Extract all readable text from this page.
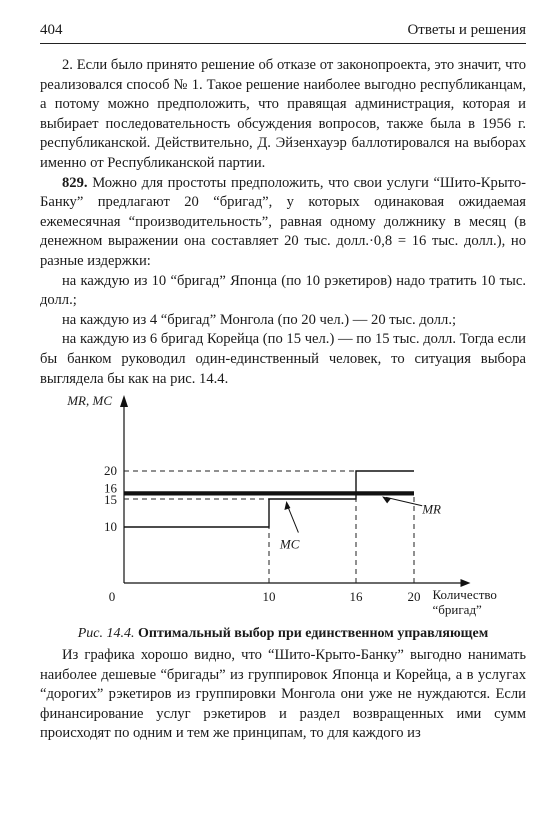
404	Ответы и решения

2. Если было принято решение об отказе от законопроекта, это значит, что реализовался способ № 1. Такое решение наиболее выгодно республиканцам, а потому можно предположить, что правящая администрация, которая и выбирает последовательность обсуждения вопросов, также была в 1956 г. республиканской. Действительно, Д. Эйзенхауэр баллотировался на выборах именно от Республиканской партии.

829. Можно для простоты предположить, что свои услуги “Шито-Крыто-Банку” предлагают 20 “бригад”, у которых одинаковая ожидаемая ежемесячная “производительность”, равная одному должнику в месяц (в денежном выражении она составляет 20 тыс. долл.·0,8 = 16 тыс. долл.), но разные издержки:

на каждую из 10 “бригад” Японца (по 10 рэкетиров) надо тратить 10 тыс. долл.;

на каждую из 4 “бригад” Монгола (по 20 чел.) — 20 тыс. долл.;

на каждую из 6 бригад Корейца (по 15 чел.) — по 15 тыс. долл. Тогда если бы банком руководил один-единственный человек, то ситуация выбора выглядела бы как на рис. 14.4.

10
15
16
20
0	10	16	20
MR, MC
Количество
“бригад”
MC
MR
Рис. 14.4. Оптимальный выбор при единственном управляющем

Из графика хорошо видно, что “Шито-Крыто-Банку” выгодно нанимать наиболее дешевые “бригады” из группировок Японца и Корейца, а в услугах “дорогих” рэкетиров из группировки Монгола они уже не нуждаются. Если финансирование услуг рэкетиров и раздел возвращенных ими сумм происходят по одним и тем же принципам, то для каждого из
